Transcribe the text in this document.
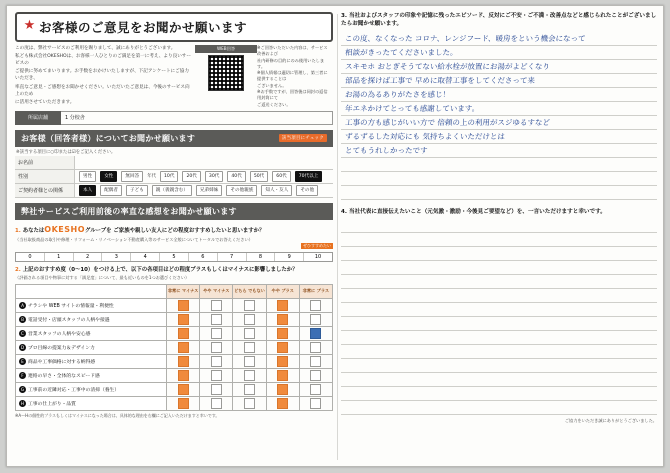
★ お客様のご意見をお聞かせ願います

この度は、弊社サービスのご利用を賜りまして、誠にありがとうございます。

私ども株式会社OKESHOは、お客様一人ひとりのご満足を第一に考え、より良いサービスの

ご提供に努めてまいります。お手数をおかけいたしますが、下記アンケートにご協力いただき、

率直なご意見・ご感想をお聞かせください。いただいたご意見は、今後のサービス向上のため

に活用させていただきます。

WEB回答	※ご回答いただいた内容は、サービス改善および
社内研修の目的にのみ使用いたします。
※個人情報は適切に管理し、第三者に提供することは
ございません。
※お手数ですが、回答後は同封の返信用封筒にて
ご返送ください。
所属店舗	1 分校舎
お客様（回答者様）についてお聞かせ願います	該当項目にチェック
※該当する項目に○印または☑をご記入ください。
お名前
性別	男性	女性	無回答	年代	10代	20代	30代	40代	50代	60代	70代以上
ご契約者様との関係	本人	配偶者	子ども	親（義親含む）	兄弟姉妹	その他親族	知人・友人	その他
弊社サービスご利用前後の率直な感想をお聞かせ願います
1. あなたはOKESHOグループを ご家族や親しい友人にどの程度おすすめしたいと思いますか？
（当社取扱商品の取引や修理・リフォーム・リノベーション不動産購入等のサービス全般についてトータルでお答えください）
ぜひすすめたい
0	1	2	3	4	5	6	7	8	9	10
2. 上記のおすすめ度（0～10）をつける上で、以下の各項目はどの程度プラスもしくはマイナスに影響しましたか？
（評価される項目や物事に対する「満足度」について、最も近いものを1つお選びください）
	非常に マイナス	やや マイナス	どちら でもない	やや プラス	非常に プラス
A チラシや WEB サイトの情報量・利便性	

B 電話受付・店頭スタッフの人柄や接遇	

C 営業スタッフの人柄や安心感	

D プロ目線の提案力＆デザイン力	

E 商品や工事価格に対する納得感	

F 連絡の早さ・全体的なスピード感	

G 工事前の近隣対応・工事中の清掃（養生）	

H 工事の仕上がり・品質	

※A～Hの個性的プラスもしくはマイナスになった場合は、具体的な理由を右欄にご記入いただけますと幸いです。
3. 当社およびスタッフの印象や記憶に残ったエピソード、反対にご不安・ご不満・改善点などと感じられたことがございましたらお聞かせ願います。
この度、なくなった コロナ、レンジフード、暖房をという機会になって
相談がきったてくださいました。
スキモホ おとぎそうてない給水栓が放置にお湯がよどくなり
部品を探けば工事で 早めに取替工事をしてくださって来
お湯の為るありがたさを感じ！
年エネかけてとっても感謝しています。
工事の方も感じがいい方で 倍頼の上の利用がスジゆるすなど
ずるずるした対応にも 気持ちよくいただけとは
とてもうれしかったです
4. 当社代表に直接伝えたいこと（元気激・激励・今後見ご要望など）を、一言いただけますと幸いです。
ご協力をいただき誠にありがとうございました。
